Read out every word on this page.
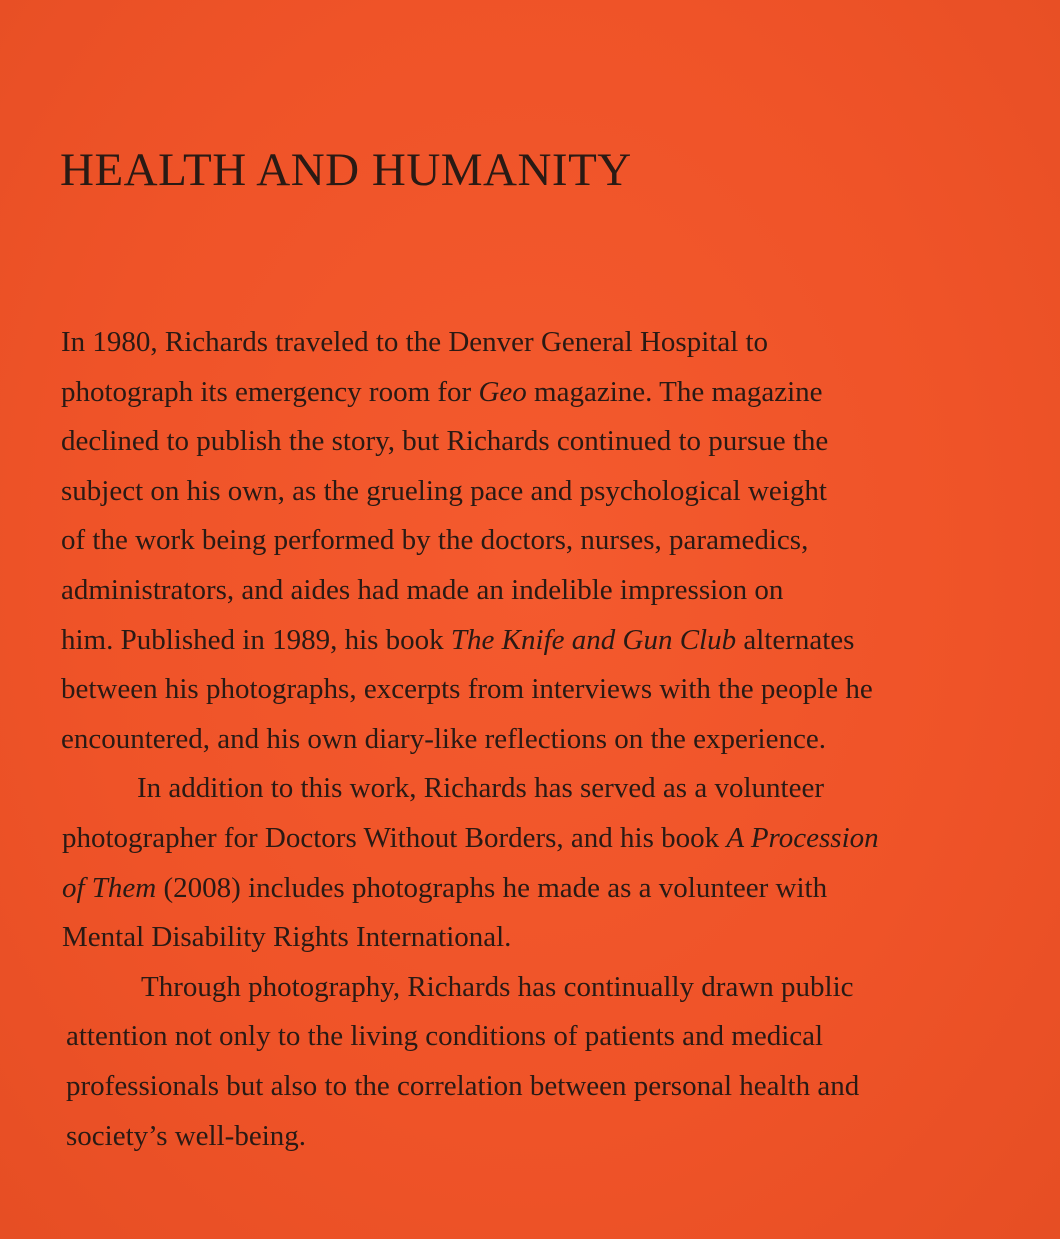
HEALTH AND HUMANITY
In 1980, Richards traveled to the Denver General Hospital to
photograph its emergency room for Geo magazine. The magazine
declined to publish the story, but Richards continued to pursue the
subject on his own, as the grueling pace and psychological weight
of the work being performed by the doctors, nurses, paramedics,
administrators, and aides had made an indelible impression on
him. Published in 1989, his book The Knife and Gun Club alternates
between his photographs, excerpts from interviews with the people he
encountered, and his own diary-like reflections on the experience.
In addition to this work, Richards has served as a volunteer
photographer for Doctors Without Borders, and his book A Procession
of Them (2008) includes photographs he made as a volunteer with
Mental Disability Rights International.
Through photography, Richards has continually drawn public
attention not only to the living conditions of patients and medical
professionals but also to the correlation between personal health and
society’s well-being.
